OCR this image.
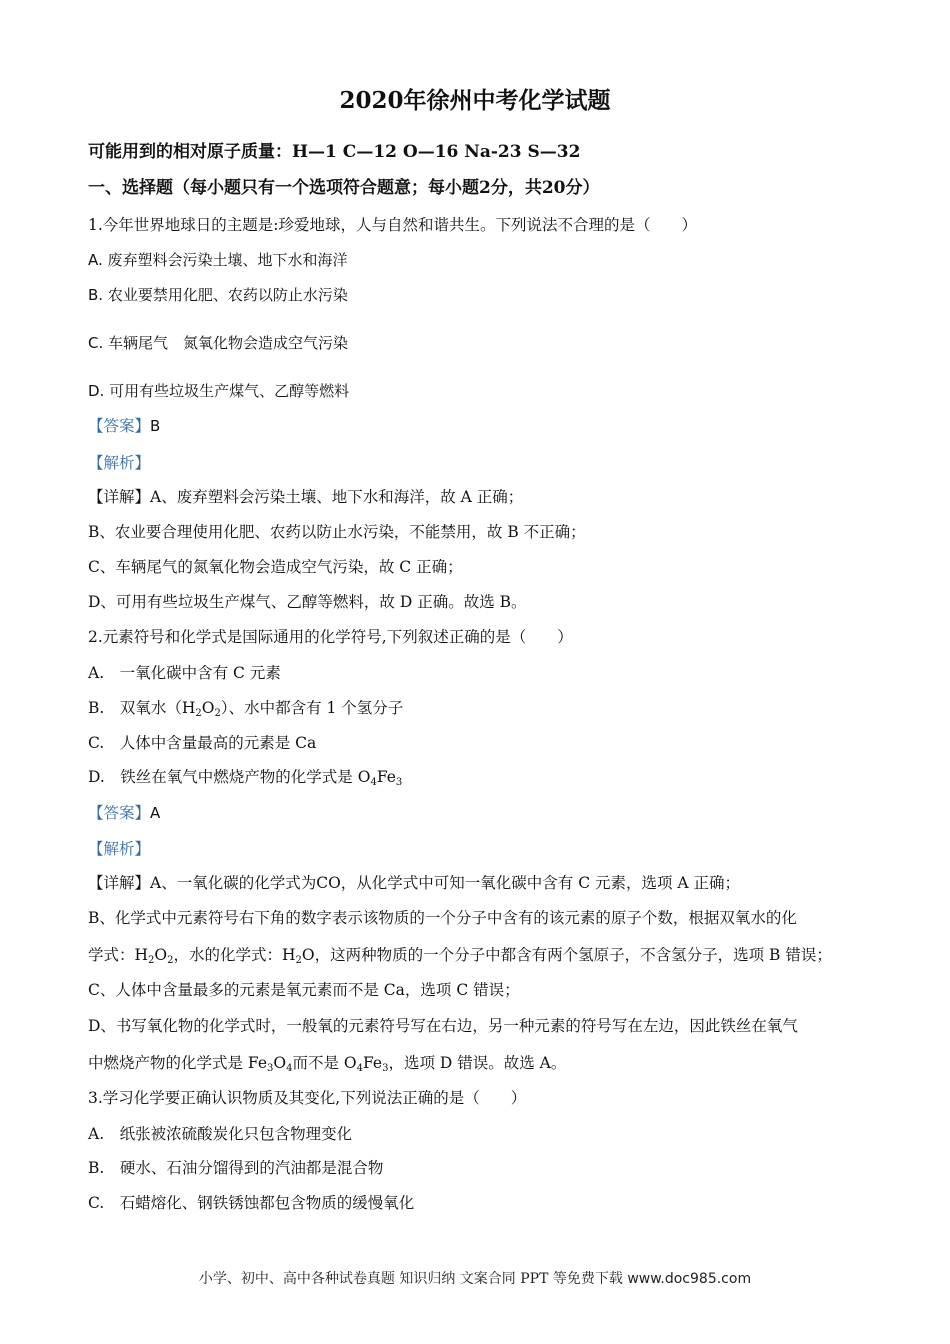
2020年徐州中考化学试题
可能用到的相对原子质量：H—1 C—12 O—16 Na-23 S—32
一、选择题（每小题只有一个选项符合题意；每小题2分，共20分）
1.今年世界地球日的主题是:珍爱地球，人与自然和谐共生。下列说法不合理的是（　　）
A. 废弃塑料会污染土壤、地下水和海洋
B. 农业要禁用化肥、农药以防止水污染
C. 车辆尾气　氮氧化物会造成空气污染
D. 可用有些垃圾生产煤气、乙醇等燃料
【答案】B
【解析】
【详解】A、废弃塑料会污染土壤、地下水和海洋，故 A 正确；
B、农业要合理使用化肥、农药以防止水污染，不能禁用，故 B 不正确；
C、车辆尾气的氮氧化物会造成空气污染，故 C 正确；
D、可用有些垃圾生产煤气、乙醇等燃料，故 D 正确。故选 B。
2.元素符号和化学式是国际通用的化学符号,下列叙述正确的是（　　）
A.　一氧化碳中含有 C 元素
B.　双氧水$(H_2O_2)$、水中都含有 1 个氢分子
C.　人体中含量最高的元素是 Ca
D.　铁丝在氧气中燃烧产物的化学式是 $O_4Fe_3$
【答案】A
【解析】
【详解】A、一氧化碳的化学式为CO，从化学式中可知一氧化碳中含有 C 元素，选项 A 正确；
B、化学式中元素符号右下角的数字表示该物质的一个分子中含有的该元素的原子个数，根据双氧水的化
学式：$H_2O_2$，水的化学式：$H_2O$，这两种物质的一个分子中都含有两个氢原子，不含氢分子，选项 B 错误；
C、人体中含量最多的元素是氧元素而不是 Ca，选项 C 错误；
D、书写氧化物的化学式时，一般氧的元素符号写在右边，另一种元素的符号写在左边，因此铁丝在氧气
中燃烧产物的化学式是 $Fe_3O_4$而不是 $O_4Fe_3$，选项 D 错误。故选 A。
3.学习化学要正确认识物质及其变化,下列说法正确的是（　　）
A.　纸张被浓硫酸炭化只包含物理变化
B.　硬水、石油分馏得到的汽油都是混合物
C.　石蜡熔化、钢铁锈蚀都包含物质的缓慢氧化
小学、初中、高中各种试卷真题 知识归纳 文案合同 PPT 等免费下载 www.doc985.com
